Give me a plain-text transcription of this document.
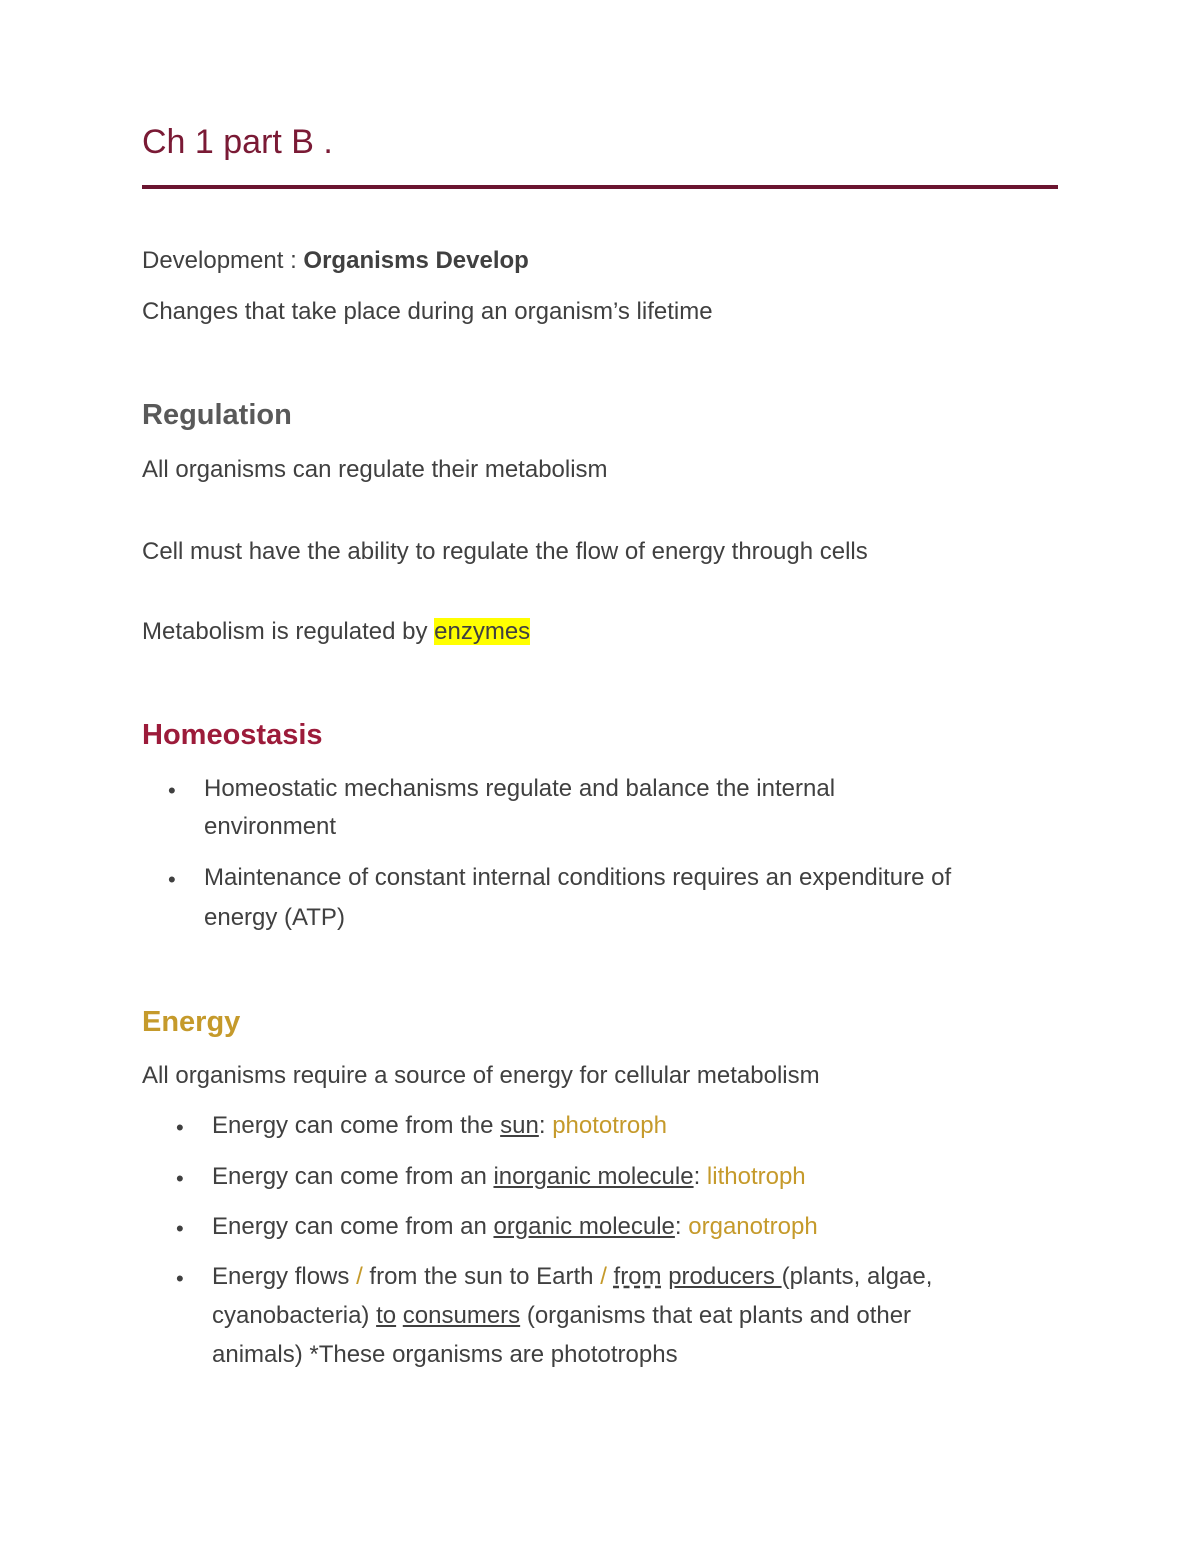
Ch 1 part B .
Development : Organisms Develop
Changes that take place during an organism’s lifetime
Regulation
All organisms can regulate their metabolism
Cell must have the ability to regulate the flow of energy through cells
Metabolism is regulated by enzymes
Homeostasis
• Homeostatic mechanisms regulate and balance the internal
environment
• Maintenance of constant internal conditions requires an expenditure of
energy (ATP)
Energy
All organisms require a source of energy for cellular metabolism
• Energy can come from the sun: phototroph
• Energy can come from an inorganic molecule: lithotroph
• Energy can come from an organic molecule: organotroph
• Energy flows / from the sun to Earth / from producers (plants, algae,
cyanobacteria) to consumers (organisms that eat plants and other
animals) *These organisms are phototrophs
